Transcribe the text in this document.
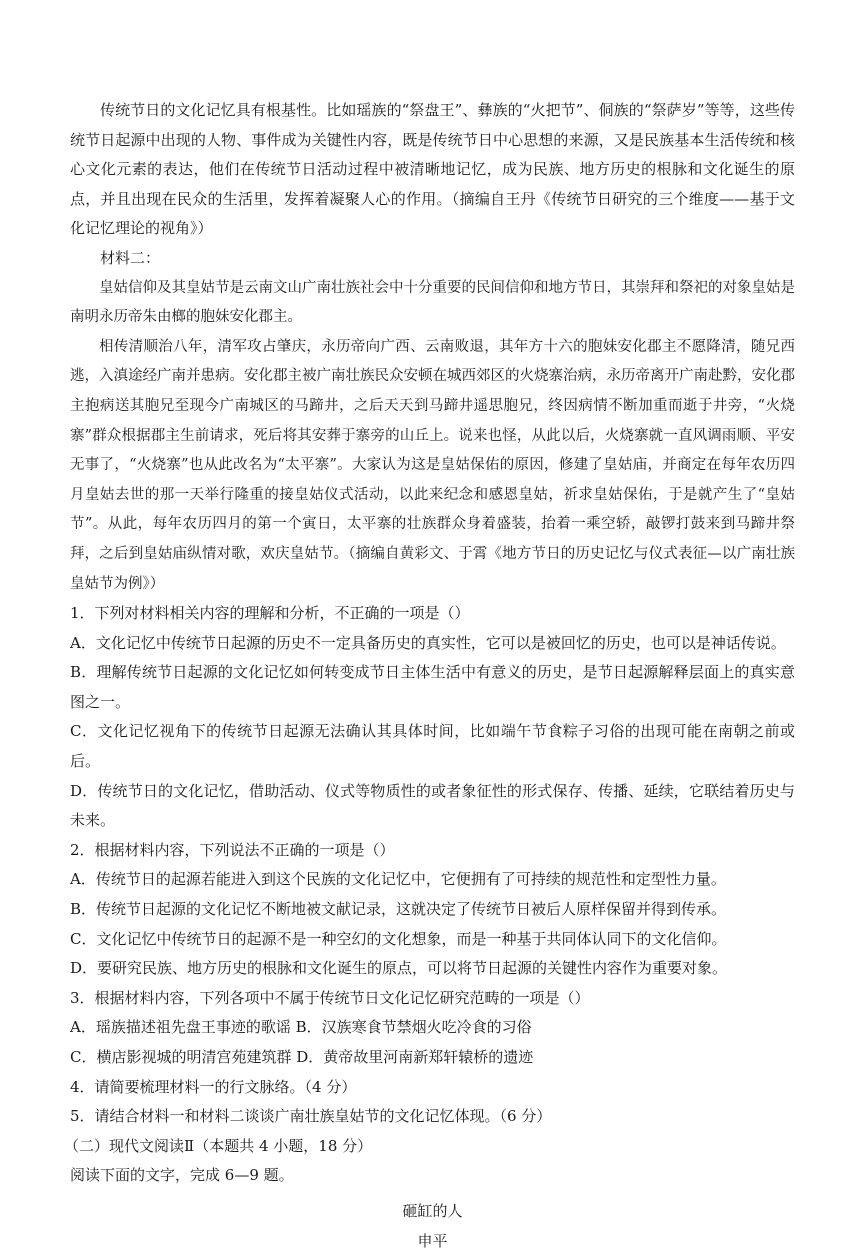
传统节日的文化记忆具有根基性。比如瑶族的“祭盘王”、彝族的“火把节”、侗族的“祭萨岁”等等，这些传统节日起源中出现的人物、事件成为关键性内容，既是传统节日中心思想的来源，又是民族基本生活传统和核心文化元素的表达，他们在传统节日活动过程中被清晰地记忆，成为民族、地方历史的根脉和文化诞生的原点，并且出现在民众的生活里，发挥着凝聚人心的作用。（摘编自王丹《传统节日研究的三个维度——基于文化记忆理论的视角》）

材料二：

皇姑信仰及其皇姑节是云南文山广南壮族社会中十分重要的民间信仰和地方节日，其崇拜和祭祀的对象皇姑是南明永历帝朱由榔的胞妹安化郡主。

相传清顺治八年，清军攻占肇庆，永历帝向广西、云南败退，其年方十六的胞妹安化郡主不愿降清，随兄西逃，入滇途经广南并患病。安化郡主被广南壮族民众安顿在城西郊区的火烧寨治病，永历帝离开广南赴黔，安化郡主抱病送其胞兄至现今广南城区的马蹄井，之后天天到马蹄井遥思胞兄，终因病情不断加重而逝于井旁，“火烧寨”群众根据郡主生前请求，死后将其安葬于寨旁的山丘上。说来也怪，从此以后，火烧寨就一直风调雨顺、平安无事了，“火烧寨”也从此改名为“太平寨”。大家认为这是皇姑保佑的原因，修建了皇姑庙，并商定在每年农历四月皇姑去世的那一天举行隆重的接皇姑仪式活动，以此来纪念和感恩皇姑，祈求皇姑保佑，于是就产生了“皇姑节”。从此，每年农历四月的第一个寅日，太平寨的壮族群众身着盛装，抬着一乘空轿，敲锣打鼓来到马蹄井祭拜，之后到皇姑庙纵情对歌，欢庆皇姑节。（摘编自黄彩文、于霄《地方节日的历史记忆与仪式表征—以广南壮族皇姑节为例》）

1．下列对材料相关内容的理解和分析，不正确的一项是（）

A．文化记忆中传统节日起源的历史不一定具备历史的真实性，它可以是被回忆的历史，也可以是神话传说。

B．理解传统节日起源的文化记忆如何转变成节日主体生活中有意义的历史，是节日起源解释层面上的真实意图之一。

C．文化记忆视角下的传统节日起源无法确认其具体时间，比如端午节食粽子习俗的出现可能在南朝之前或后。

D．传统节日的文化记忆，借助活动、仪式等物质性的或者象征性的形式保存、传播、延续，它联结着历史与未来。

2．根据材料内容，下列说法不正确的一项是（）

A．传统节日的起源若能进入到这个民族的文化记忆中，它便拥有了可持续的规范性和定型性力量。

B．传统节日起源的文化记忆不断地被文献记录，这就决定了传统节日被后人原样保留并得到传承。

C．文化记忆中传统节日的起源不是一种空幻的文化想象，而是一种基于共同体认同下的文化信仰。

D．要研究民族、地方历史的根脉和文化诞生的原点，可以将节日起源的关键性内容作为重要对象。

3．根据材料内容，下列各项中不属于传统节日文化记忆研究范畴的一项是（）

A．瑶族描述祖先盘王事迹的歌谣 B．汉族寒食节禁烟火吃冷食的习俗

C．横店影视城的明清宫苑建筑群 D．黄帝故里河南新郑轩辕桥的遗迹

4．请简要梳理材料一的行文脉络。（4 分）

5．请结合材料一和材料二谈谈广南壮族皇姑节的文化记忆体现。（6 分）

（二）现代文阅读Ⅱ（本题共 4 小题，18 分）

阅读下面的文字，完成 6—9 题。

砸缸的人

申平
